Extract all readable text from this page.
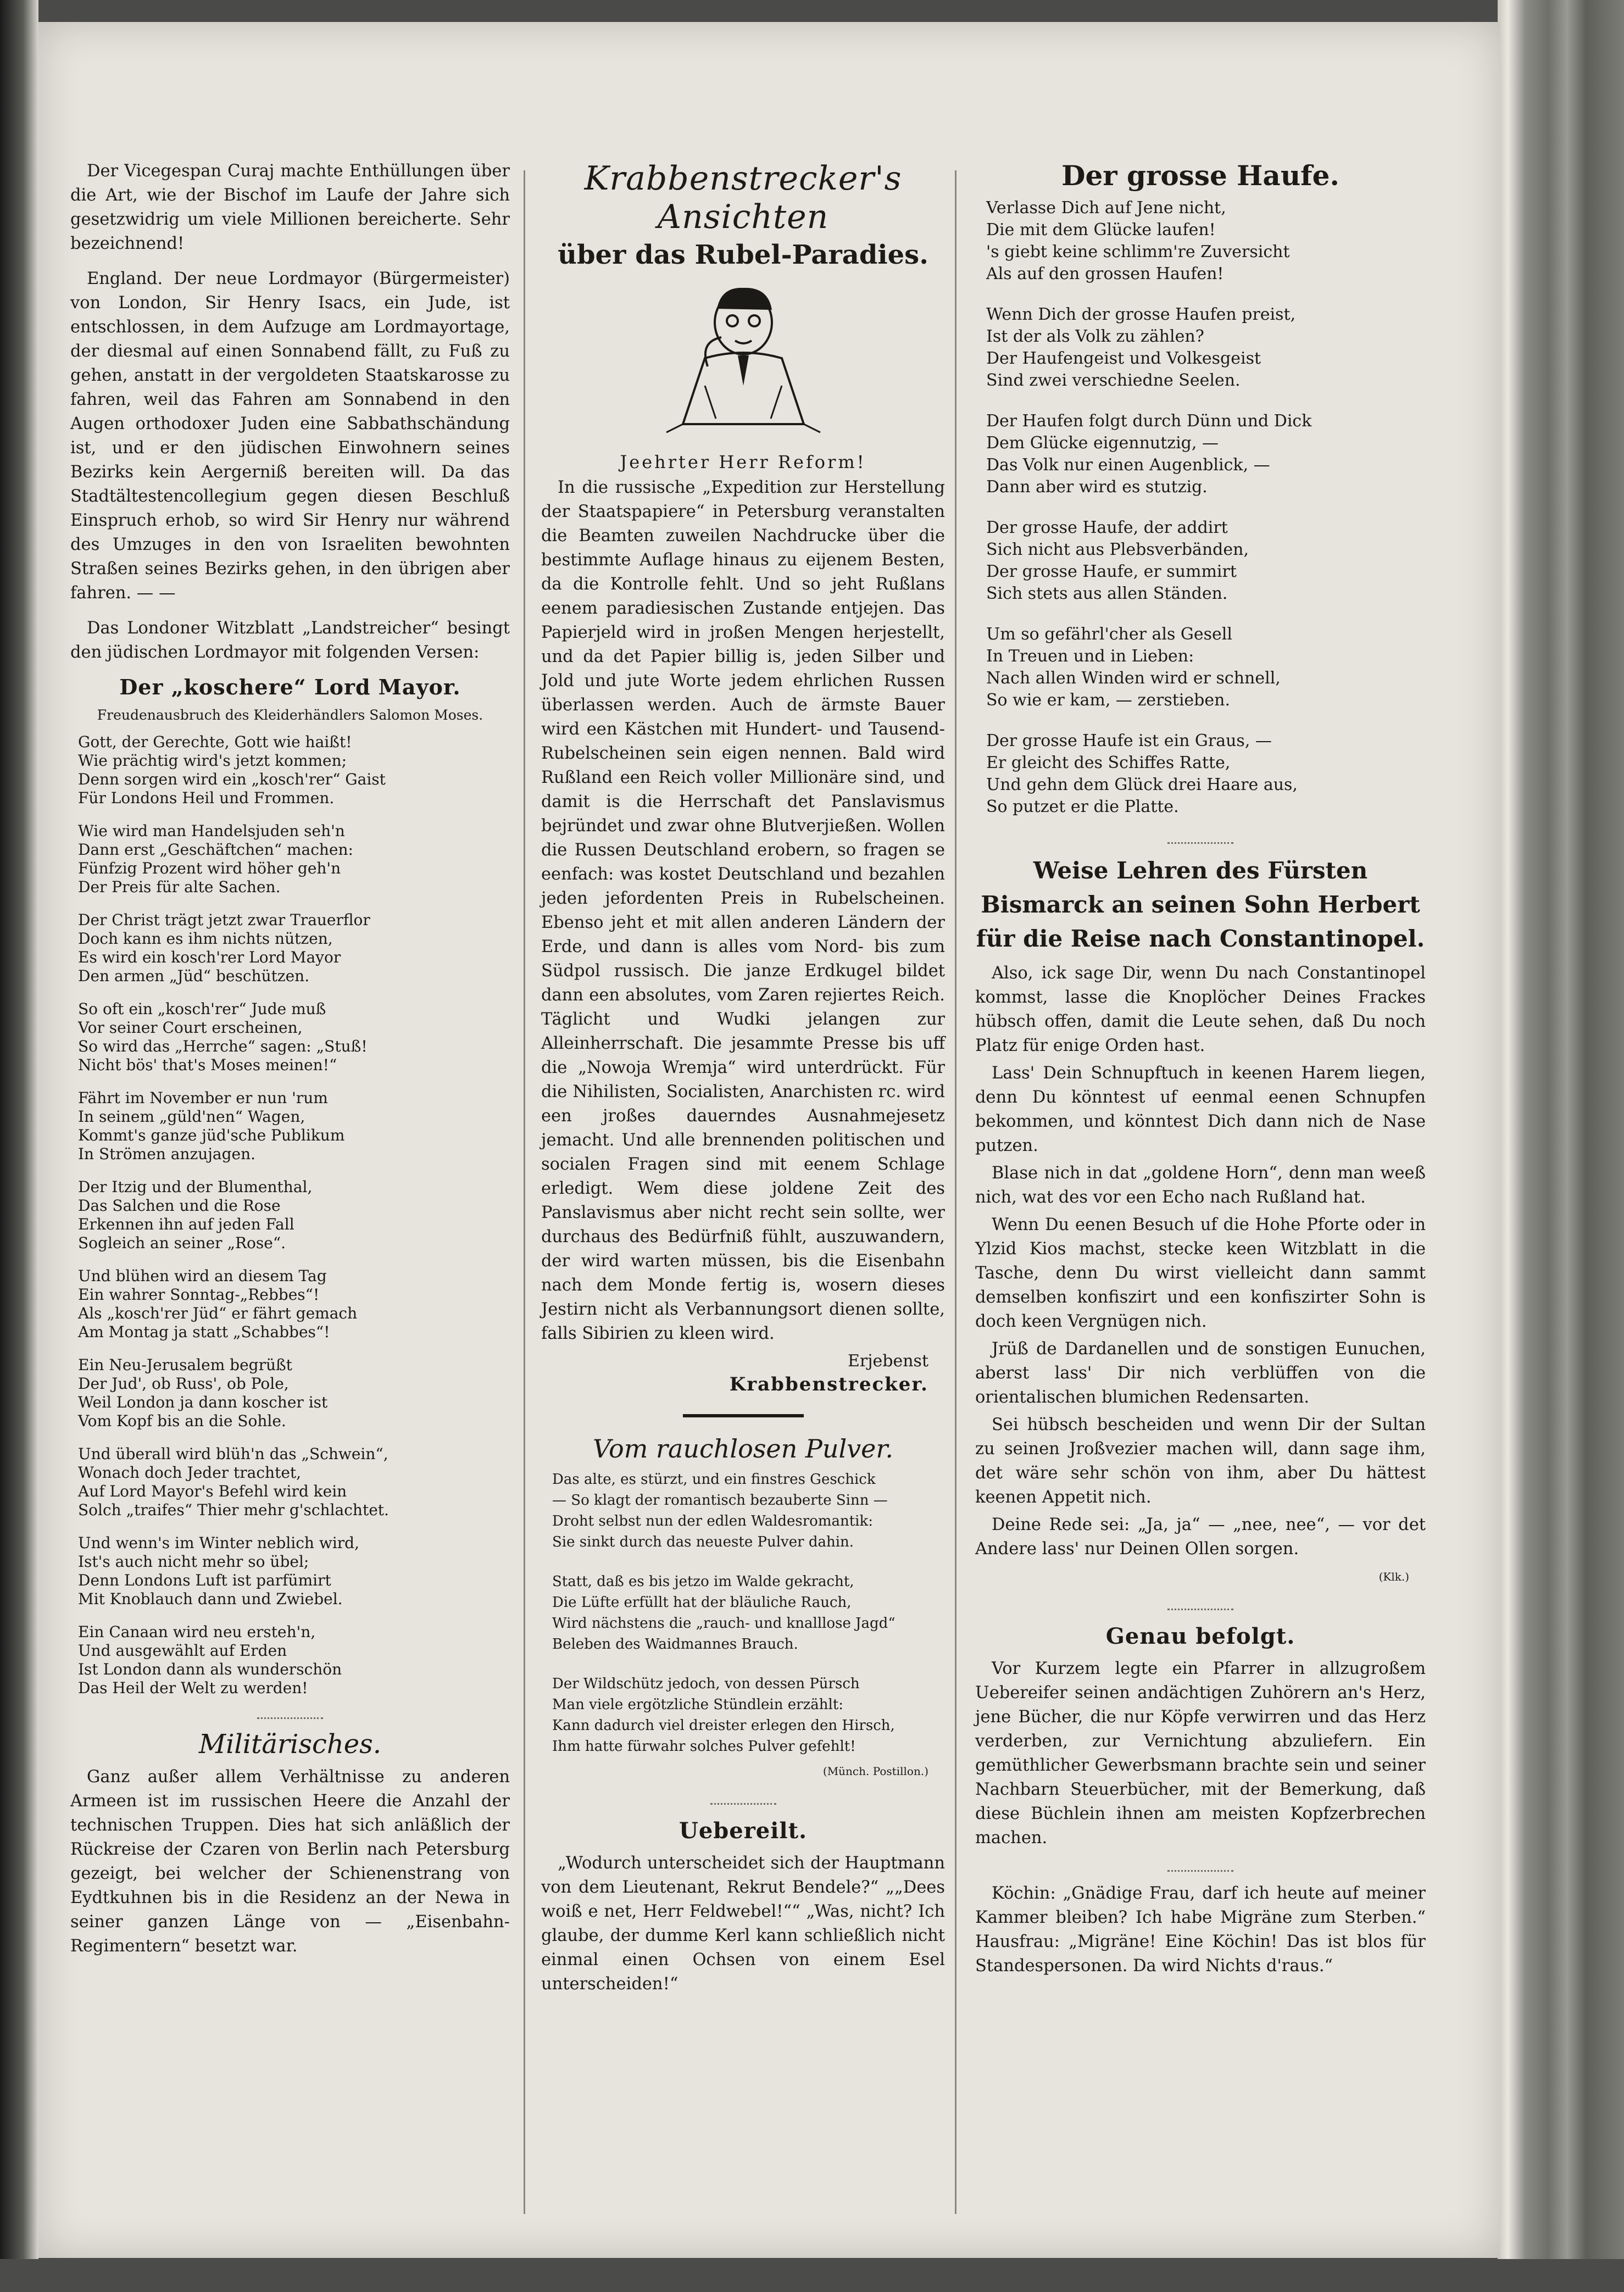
Der Vicegespan Curaj machte Enthüllungen über die Art, wie der Bischof im Laufe der Jahre sich gesetzwidrig um viele Millionen bereicherte. Sehr bezeichnend!

England. Der neue Lordmayor (Bürgermeister) von London, Sir Henry Isacs, ein Jude, ist entschlossen, in dem Aufzuge am Lordmayortage, der diesmal auf einen Sonnabend fällt, zu Fuß zu gehen, anstatt in der vergoldeten Staatskarosse zu fahren, weil das Fahren am Sonnabend in den Augen orthodoxer Juden eine Sabbathschändung ist, und er den jüdischen Einwohnern seines Bezirks kein Aergerniß bereiten will. Da das Stadtältestencollegium gegen diesen Beschluß Einspruch erhob, so wird Sir Henry nur während des Umzuges in den von Israeliten bewohnten Straßen seines Bezirks gehen, in den übrigen aber fahren. — —

Das Londoner Witzblatt „Landstreicher“ besingt den jüdischen Lordmayor mit folgenden Versen:

Der „koschere“ Lord Mayor.
Freudenausbruch des Kleiderhändlers Salomon Moses.
Gott, der Gerechte, Gott wie haißt!
Wie prächtig wird's jetzt kommen;
Denn sorgen wird ein „kosch'rer“ Gaist
Für Londons Heil und Frommen.
Wie wird man Handelsjuden seh'n
Dann erst „Geschäftchen“ machen:
Fünfzig Prozent wird höher geh'n
Der Preis für alte Sachen.
Der Christ trägt jetzt zwar Trauerflor
Doch kann es ihm nichts nützen,
Es wird ein kosch'rer Lord Mayor
Den armen „Jüd“ beschützen.
So oft ein „kosch'rer“ Jude muß
Vor seiner Court erscheinen,
So wird das „Herrche“ sagen: „Stuß!
Nicht bös' that's Moses meinen!“
Fährt im November er nun 'rum
In seinem „güld'nen“ Wagen,
Kommt's ganze jüd'sche Publikum
In Strömen anzujagen.
Der Itzig und der Blumenthal,
Das Salchen und die Rose
Erkennen ihn auf jeden Fall
Sogleich an seiner „Rose“.
Und blühen wird an diesem Tag
Ein wahrer Sonntag-„Rebbes“!
Als „kosch'rer Jüd“ er fährt gemach
Am Montag ja statt „Schabbes“!
Ein Neu-Jerusalem begrüßt
Der Jud', ob Russ', ob Pole,
Weil London ja dann koscher ist
Vom Kopf bis an die Sohle.
Und überall wird blüh'n das „Schwein“,
Wonach doch Jeder trachtet,
Auf Lord Mayor's Befehl wird kein
Solch „traifes“ Thier mehr g'schlachtet.
Und wenn's im Winter neblich wird,
Ist's auch nicht mehr so übel;
Denn Londons Luft ist parfümirt
Mit Knoblauch dann und Zwiebel.
Ein Canaan wird neu ersteh'n,
Und ausgewählt auf Erden
Ist London dann als wunderschön
Das Heil der Welt zu werden!
Militärisches.

Ganz außer allem Verhältnisse zu anderen Armeen ist im russischen Heere die Anzahl der technischen Truppen. Dies hat sich anläßlich der Rückreise der Czaren von Berlin nach Petersburg gezeigt, bei welcher der Schienenstrang von Eydtkuhnen bis in die Residenz an der Newa in seiner ganzen Länge von — „Eisenbahn-Regimentern“ besetzt war.

Krabbenstrecker's Ansichten
über das Rubel-Paradies.
Jeehrter Herr Reform!

In die russische „Expedition zur Herstellung der Staatspapiere“ in Petersburg veranstalten die Beamten zuweilen Nachdrucke über die bestimmte Auflage hinaus zu eijenem Besten, da die Kontrolle fehlt. Und so jeht Rußlans eenem paradiesischen Zustande entjejen. Das Papierjeld wird in jroßen Mengen herjestellt, und da det Papier billig is, jeden Silber und Jold und jute Worte jedem ehrlichen Russen überlassen werden. Auch de ärmste Bauer wird een Kästchen mit Hundert- und Tausend-Rubelscheinen sein eigen nennen. Bald wird Rußland een Reich voller Millionäre sind, und damit is die Herrschaft det Panslavismus bejründet und zwar ohne Blutverjießen. Wollen die Russen Deutschland erobern, so fragen se eenfach: was kostet Deutschland und bezahlen jeden jefordenten Preis in Rubelscheinen. Ebenso jeht et mit allen anderen Ländern der Erde, und dann is alles vom Nord- bis zum Südpol russisch. Die janze Erdkugel bildet dann een absolutes, vom Zaren rejiertes Reich. Täglicht und Wudki jelangen zur Alleinherrschaft. Die jesammte Presse bis uff die „Nowoja Wremja“ wird unterdrückt. Für die Nihilisten, Socialisten, Anarchisten rc. wird een jroßes dauerndes Ausnahmejesetz jemacht. Und alle brennenden politischen und socialen Fragen sind mit eenem Schlage erledigt. Wem diese joldene Zeit des Panslavismus aber nicht recht sein sollte, wer durchaus des Bedürfniß fühlt, auszuwandern, der wird warten müssen, bis die Eisenbahn nach dem Monde fertig is, wosern dieses Jestirn nicht als Verbannungsort dienen sollte, falls Sibirien zu kleen wird.

Erjebenst
Krabbenstrecker.
Vom rauchlosen Pulver.
Das alte, es stürzt, und ein finstres Geschick
— So klagt der romantisch bezauberte Sinn —
Droht selbst nun der edlen Waldesromantik:
Sie sinkt durch das neueste Pulver dahin.
Statt, daß es bis jetzo im Walde gekracht,
Die Lüfte erfüllt hat der bläuliche Rauch,
Wird nächstens die „rauch- und knalllose Jagd“
Beleben des Waidmannes Brauch.
Der Wildschütz jedoch, von dessen Pürsch
Man viele ergötzliche Stündlein erzählt:
Kann dadurch viel dreister erlegen den Hirsch,
Ihm hatte fürwahr solches Pulver gefehlt!
(Münch. Postillon.)
Uebereilt.

„Wodurch unterscheidet sich der Hauptmann von dem Lieutenant, Rekrut Bendele?“ „„Dees woiß e net, Herr Feldwebel!““ „Was, nicht? Ich glaube, der dumme Kerl kann schließlich nicht einmal einen Ochsen von einem Esel unterscheiden!“

Der grosse Haufe.
Verlasse Dich auf Jene nicht,
Die mit dem Glücke laufen!
's giebt keine schlimm're Zuversicht
Als auf den grossen Haufen!
Wenn Dich der grosse Haufen preist,
Ist der als Volk zu zählen?
Der Haufengeist und Volkesgeist
Sind zwei verschiedne Seelen.
Der Haufen folgt durch Dünn und Dick
Dem Glücke eigennutzig, —
Das Volk nur einen Augenblick, —
Dann aber wird es stutzig.
Der grosse Haufe, der addirt
Sich nicht aus Plebsverbänden,
Der grosse Haufe, er summirt
Sich stets aus allen Ständen.
Um so gefährl'cher als Gesell
In Treuen und in Lieben:
Nach allen Winden wird er schnell,
So wie er kam, — zerstieben.
Der grosse Haufe ist ein Graus, —
Er gleicht des Schiffes Ratte,
Und gehn dem Glück drei Haare aus,
So putzet er die Platte.
Weise Lehren des Fürsten Bismarck an seinen Sohn Herbert für die Reise nach Constantinopel.

Also, ick sage Dir, wenn Du nach Constantinopel kommst, lasse die Knoplöcher Deines Frackes hübsch offen, damit die Leute sehen, daß Du noch Platz für enige Orden hast.

Lass' Dein Schnupftuch in keenen Harem liegen, denn Du könntest uf eenmal eenen Schnupfen bekommen, und könntest Dich dann nich de Nase putzen.

Blase nich in dat „goldene Horn“, denn man weeß nich, wat des vor een Echo nach Rußland hat.

Wenn Du eenen Besuch uf die Hohe Pforte oder in Ylzid Kios machst, stecke keen Witzblatt in die Tasche, denn Du wirst vielleicht dann sammt demselben konfiszirt und een konfiszirter Sohn is doch keen Vergnügen nich.

Jrüß de Dardanellen und de sonstigen Eunuchen, aberst lass' Dir nich verblüffen von die orientalischen blumichen Redensarten.

Sei hübsch bescheiden und wenn Dir der Sultan zu seinen Jroßvezier machen will, dann sage ihm, det wäre sehr schön von ihm, aber Du hättest keenen Appetit nich.

Deine Rede sei: „Ja, ja“ — „nee, nee“, — vor det Andere lass' nur Deinen Ollen sorgen.

(Klk.)
Genau befolgt.

Vor Kurzem legte ein Pfarrer in allzugroßem Uebereifer seinen andächtigen Zuhörern an's Herz, jene Bücher, die nur Köpfe verwirren und das Herz verderben, zur Vernichtung abzuliefern. Ein gemüthlicher Gewerbsmann brachte sein und seiner Nachbarn Steuerbücher, mit der Bemerkung, daß diese Büchlein ihnen am meisten Kopfzerbrechen machen.

Köchin: „Gnädige Frau, darf ich heute auf meiner Kammer bleiben? Ich habe Migräne zum Sterben.“ Hausfrau: „Migräne! Eine Köchin! Das ist blos für Standespersonen. Da wird Nichts d'raus.“
